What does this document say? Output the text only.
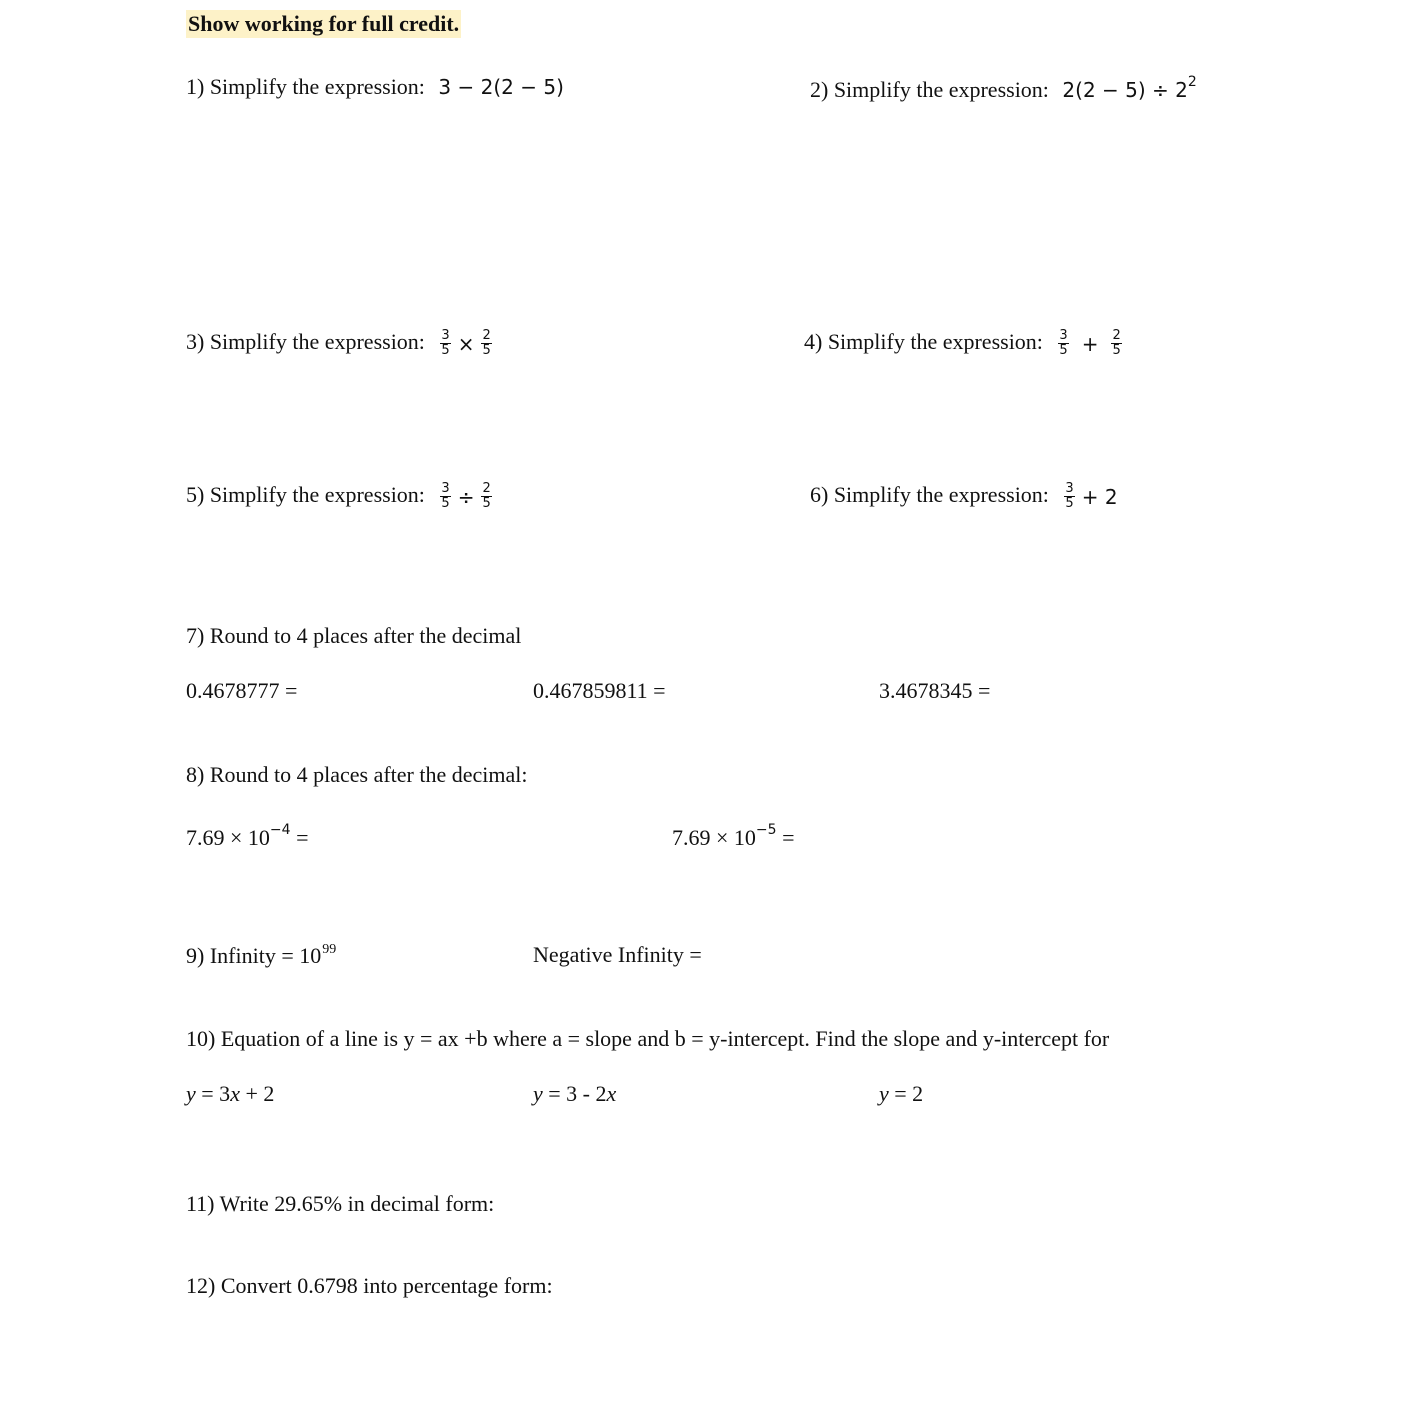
Show working for full credit.
1) Simplify the expression: 3 − 2(2 − 5)	2) Simplify the expression: $2(2 - 5) \div 2^2$
3) Simplify the expression: $\frac{3}{5} \times \frac{2}{5}$	4) Simplify the expression: $\frac{3}{5} + \frac{2}{5}$
5) Simplify the expression: $\frac{3}{5} \div \frac{2}{5}$	6) Simplify the expression: $\frac{3}{5} + 2$
7) Round to 4 places after the decimal
0.4678777 =	0.467859811 =	3.4678345 =
8) Round to 4 places after the decimal:
$7.69 \times 10^{-4}$ =	$7.69 \times 10^{-5}$ =
9) Infinity = $10^{99}$	Negative Infinity =
10) Equation of a line is y = ax +b where a = slope and b = y-intercept. Find the slope and y-intercept for
y = 3x + 2	y = 3 - 2x	y = 2
11) Write 29.65% in decimal form:
12) Convert 0.6798 into percentage form:
